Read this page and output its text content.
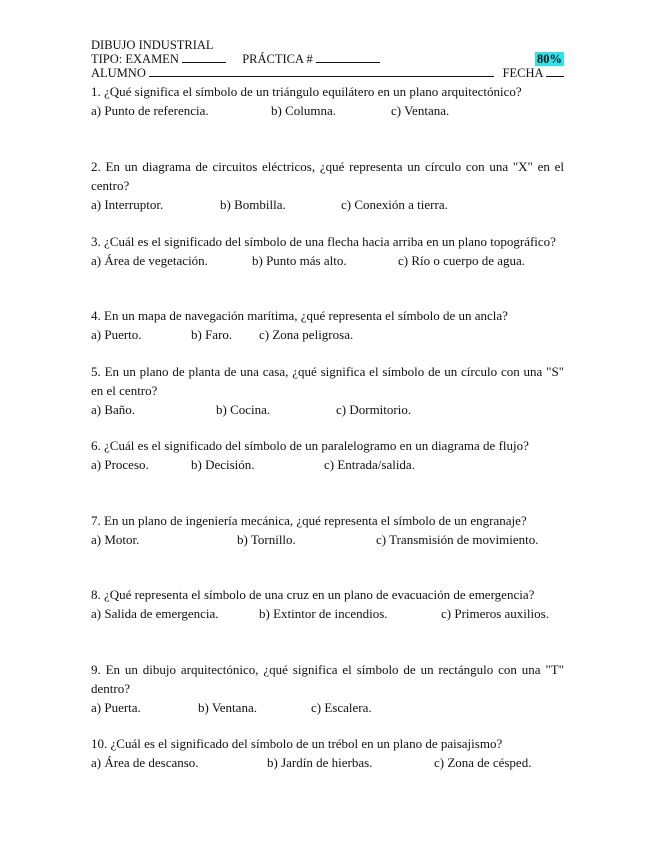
DIBUJO INDUSTRIAL
TIPO: EXAMEN	PRÁCTICA #	80%
ALUMNO	FECHA
1. ¿Qué significa el símbolo de un triángulo equilátero en un plano arquitectónico?
a) Punto de referencia.	b) Columna.	c) Ventana.
2. En un diagrama de circuitos eléctricos, ¿qué representa un círculo con una "X" en el centro?
a) Interruptor.	b) Bombilla.	c) Conexión a tierra.
3. ¿Cuál es el significado del símbolo de una flecha hacia arriba en un plano topográfico?
a) Área de vegetación.	b) Punto más alto.	c) Río o cuerpo de agua.
4. En un mapa de navegación marítima, ¿qué representa el símbolo de un ancla?
a) Puerto.	b) Faro. c) Zona peligrosa.
5. En un plano de planta de una casa, ¿qué significa el símbolo de un círculo con una "S" en el centro?
a) Baño.	b) Cocina.	c) Dormitorio.
6. ¿Cuál es el significado del símbolo de un paralelogramo en un diagrama de flujo?
a) Proceso.	b) Decisión.	c) Entrada/salida.
7. En un plano de ingeniería mecánica, ¿qué representa el símbolo de un engranaje?
a) Motor.	b) Tornillo.	c) Transmisión de movimiento.
8. ¿Qué representa el símbolo de una cruz en un plano de evacuación de emergencia?
a) Salida de emergencia.	b) Extintor de incendios.	c) Primeros auxilios.
9. En un dibujo arquitectónico, ¿qué significa el símbolo de un rectángulo con una "T" dentro?
a) Puerta.	b) Ventana.	c) Escalera.
10. ¿Cuál es el significado del símbolo de un trébol en un plano de paisajismo?
a) Área de descanso.	b) Jardín de hierbas.	c) Zona de césped.
